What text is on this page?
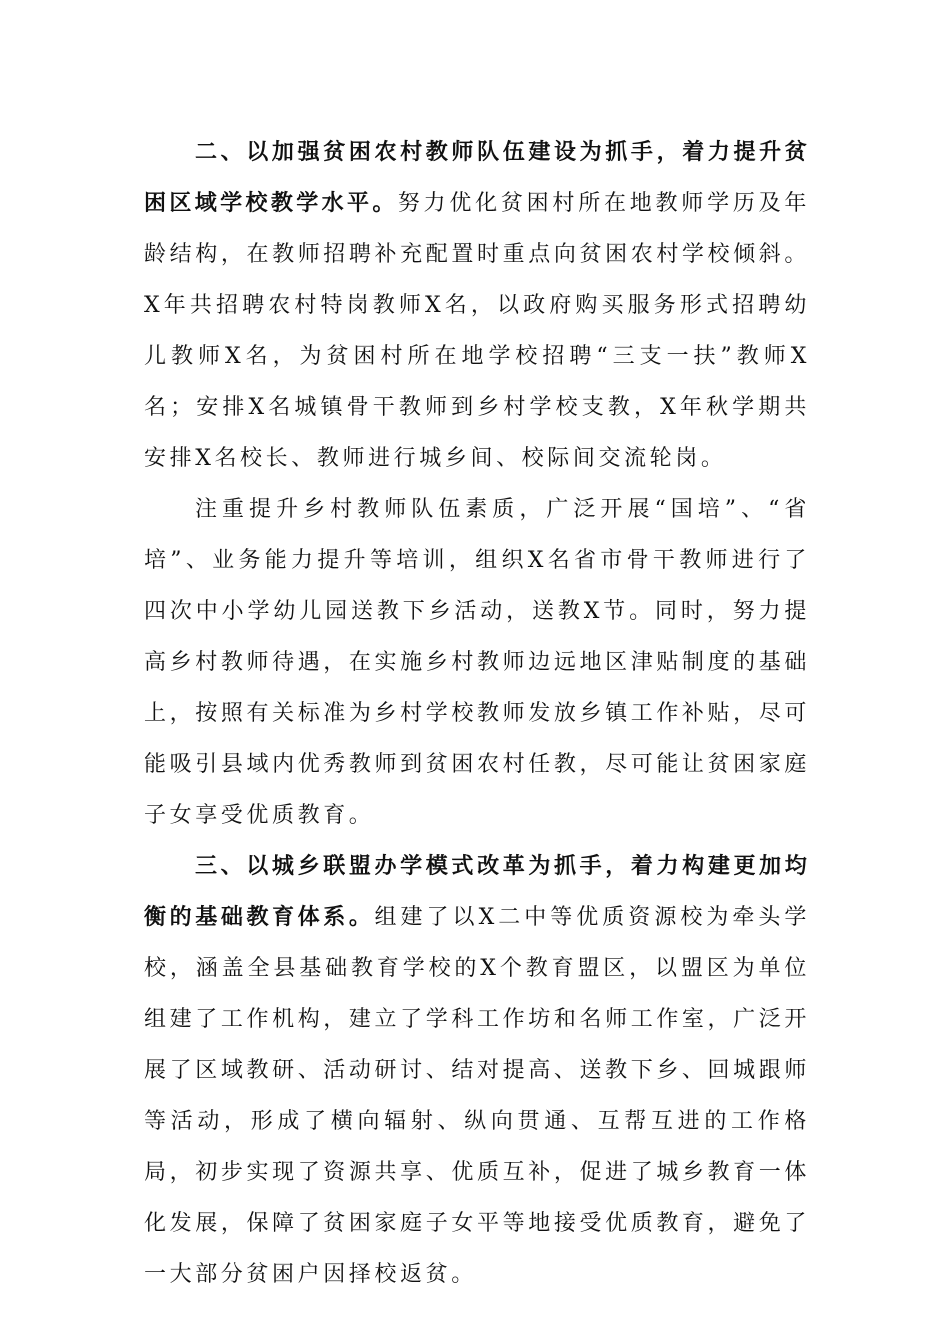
二、以加强贫困农村教师队伍建设为抓手，着力提升贫困区域学校教学水平。努力优化贫困村所在地教师学历及年龄结构，在教师招聘补充配置时重点向贫困农村学校倾斜。X年共招聘农村特岗教师X名，以政府购买服务形式招聘幼儿教师X名，为贫困村所在地学校招聘“三支一扶”教师X名；安排X名城镇骨干教师到乡村学校支教，X年秋学期共安排X名校长、教师进行城乡间、校际间交流轮岗。

注重提升乡村教师队伍素质，广泛开展“国培”、“省培”、业务能力提升等培训，组织X名省市骨干教师进行了四次中小学幼儿园送教下乡活动，送教X节。同时，努力提高乡村教师待遇，在实施乡村教师边远地区津贴制度的基础上，按照有关标准为乡村学校教师发放乡镇工作补贴，尽可能吸引县域内优秀教师到贫困农村任教，尽可能让贫困家庭子女享受优质教育。

三、以城乡联盟办学模式改革为抓手，着力构建更加均衡的基础教育体系。组建了以X二中等优质资源校为牵头学校，涵盖全县基础教育学校的X个教育盟区，以盟区为单位组建了工作机构，建立了学科工作坊和名师工作室，广泛开展了区域教研、活动研讨、结对提高、送教下乡、回城跟师等活动，形成了横向辐射、纵向贯通、互帮互进的工作格局，初步实现了资源共享、优质互补，促进了城乡教育一体化发展，保障了贫困家庭子女平等地接受优质教育，避免了一大部分贫困户因择校返贫。
